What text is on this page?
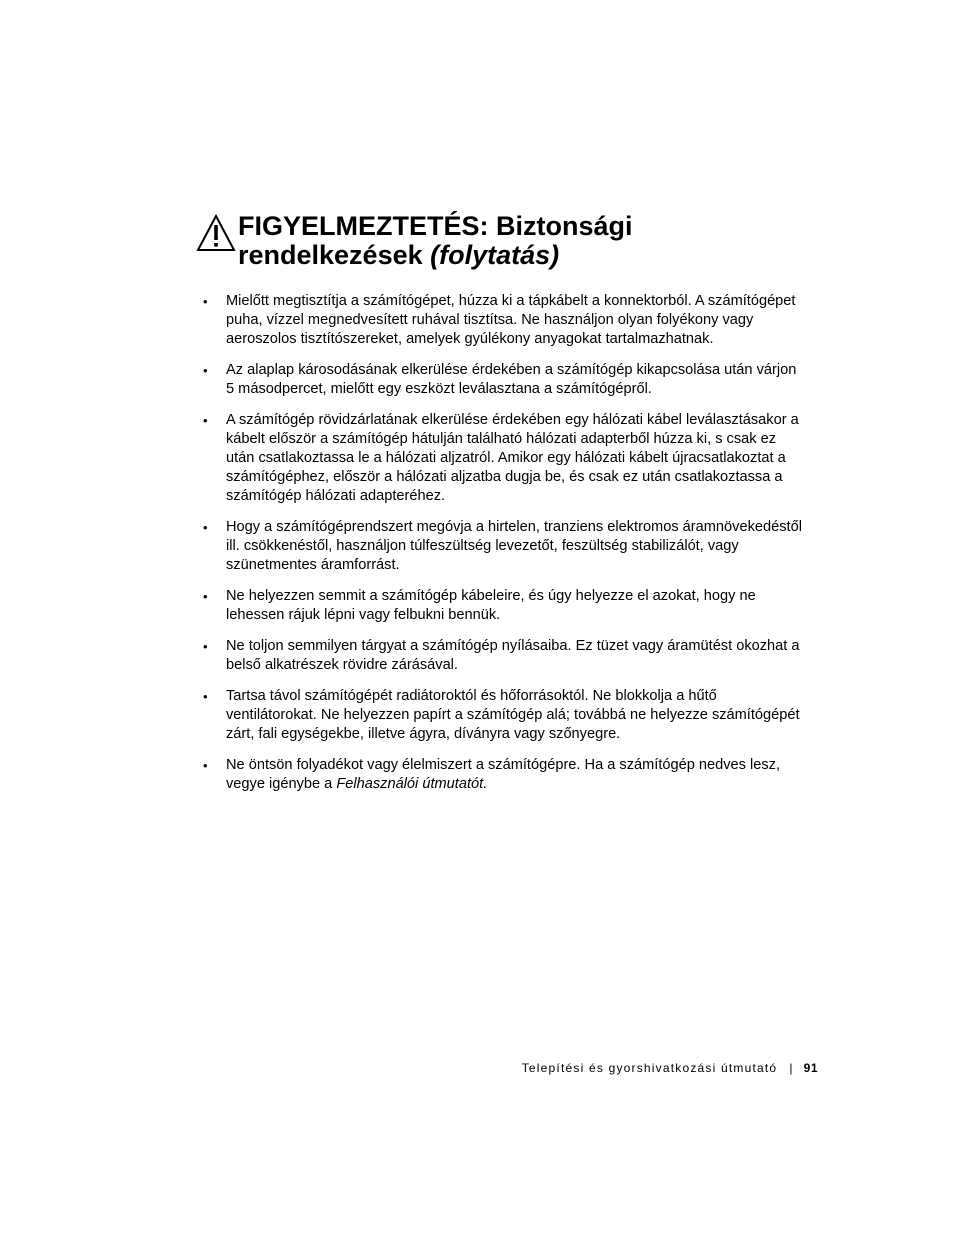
FIGYELMEZTETÉS: Biztonsági rendelkezések (folytatás)
• Mielőtt megtisztítja a számítógépet, húzza ki a tápkábelt a konnektorból. A számítógépet puha, vízzel megnedvesített ruhával tisztítsa. Ne használjon olyan folyékony vagy aeroszolos tisztítószereket, amelyek gyúlékony anyagokat tartalmazhatnak.
• Az alaplap károsodásának elkerülése érdekében a számítógép kikapcsolása után várjon 5 másodpercet, mielőtt egy eszközt leválasztana a számítógépről.
• A számítógép rövidzárlatának elkerülése érdekében egy hálózati kábel leválasztásakor a kábelt először a számítógép hátulján található hálózati adapterből húzza ki, s csak ez után csatlakoztassa le a hálózati aljzatról. Amikor egy hálózati kábelt újracsatlakoztat a számítógéphez, először a hálózati aljzatba dugja be, és csak ez után csatlakoztassa a számítógép hálózati adapteréhez.
• Hogy a számítógéprendszert megóvja a hirtelen, tranziens elektromos áramnövekedéstől ill. csökkenéstől, használjon túlfeszültség levezetőt, feszültség stabilizálót, vagy szünetmentes áramforrást.
• Ne helyezzen semmit a számítógép kábeleire, és úgy helyezze el azokat, hogy ne lehessen rájuk lépni vagy felbukni bennük.
• Ne toljon semmilyen tárgyat a számítógép nyílásaiba. Ez tüzet vagy áramütést okozhat a belső alkatrészek rövidre zárásával.
• Tartsa távol számítógépét radiátoroktól és hőforrásoktól. Ne blokkolja a hűtő ventilátorokat. Ne helyezzen papírt a számítógép alá; továbbá ne helyezze számítógépét zárt, fali egységekbe, illetve ágyra, díványra vagy szőnyegre.
• Ne öntsön folyadékot vagy élelmiszert a számítógépre. Ha a számítógép nedves lesz, vegye igénybe a Felhasználói útmutatót.
Telepítési és gyorshivatkozási útmutató | 91
